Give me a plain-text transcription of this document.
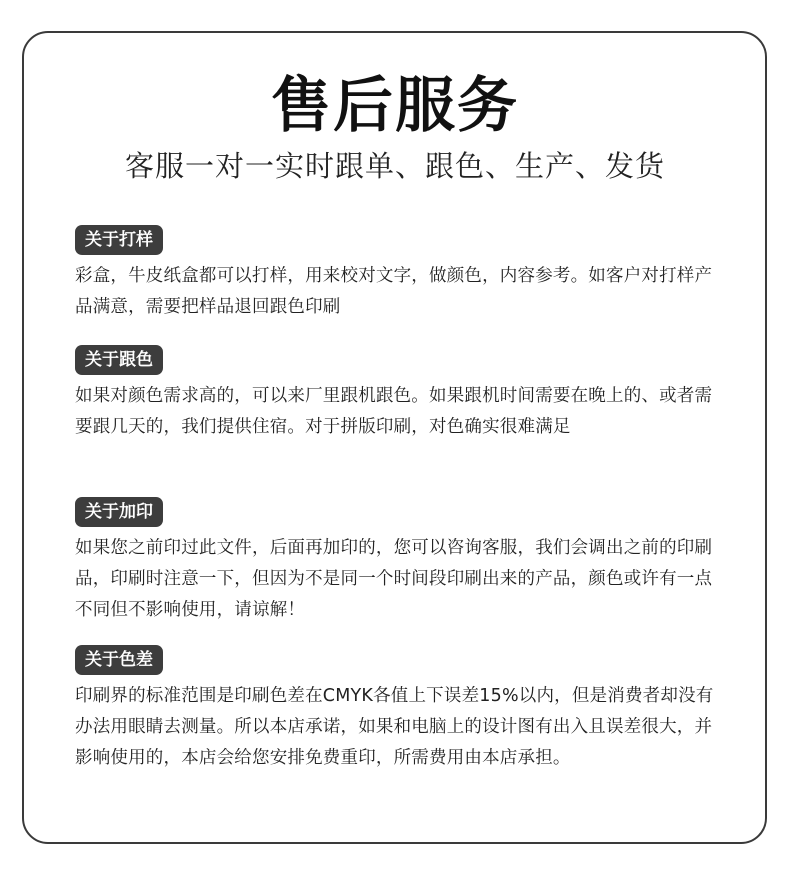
售后服务
客服一对一实时跟单、跟色、生产、发货
关于打样
彩盒，牛皮纸盒都可以打样，用来校对文字，做颜色，内容参考。如客户对打样产品满意，需要把样品退回跟色印刷
关于跟色
如果对颜色需求高的，可以来厂里跟机跟色。如果跟机时间需要在晚上的、或者需要跟几天的，我们提供住宿。对于拼版印刷，对色确实很难满足
关于加印
如果您之前印过此文件，后面再加印的，您可以咨询客服，我们会调出之前的印刷品，印刷时注意一下，但因为不是同一个时间段印刷出来的产品，颜色或许有一点不同但不影响使用，请谅解！
关于色差
印刷界的标准范围是印刷色差在CMYK各值上下误差15%以内，但是消费者却没有办法用眼睛去测量。所以本店承诺，如果和电脑上的设计图有出入且误差很大，并影响使用的，本店会给您安排免费重印，所需费用由本店承担。
